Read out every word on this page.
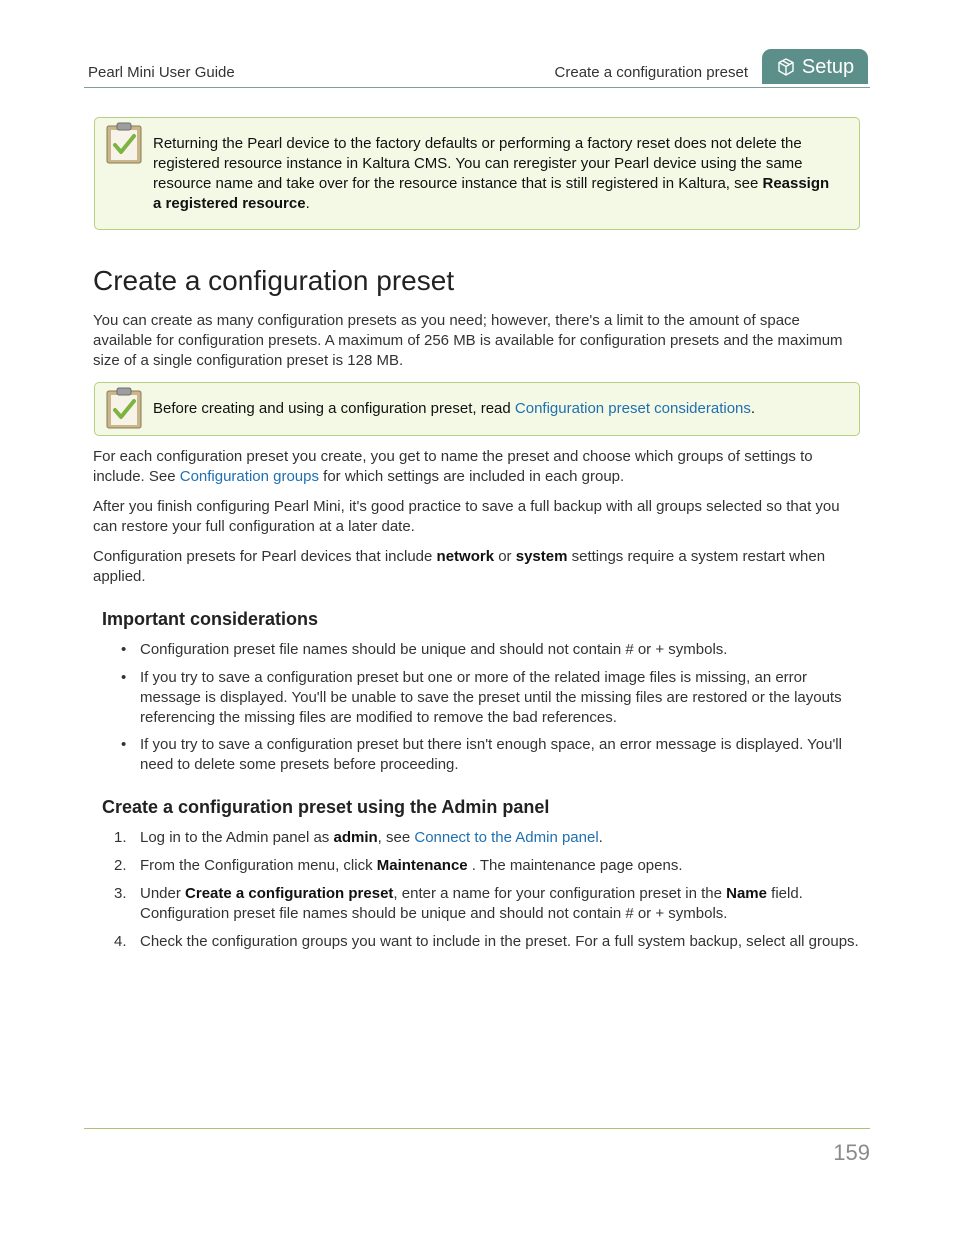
Pearl Mini User Guide	Create a configuration preset	Setup
Returning the Pearl device to the factory defaults or performing a factory reset does not delete the registered resource instance in Kaltura CMS. You can reregister your Pearl device using the same resource name and take over for the resource instance that is still registered in Kaltura, see Reassign a registered resource.
Create a configuration preset

You can create as many configuration presets as you need; however, there's a limit to the amount of space available for configuration presets. A maximum of 256 MB is available for configuration presets and the maximum size of a single configuration preset is 128 MB.

Before creating and using a configuration preset, read Configuration preset considerations.

For each configuration preset you create, you get to name the preset and choose which groups of settings to include. See Configuration groups for which settings are included in each group.

After you finish configuring Pearl Mini, it's good practice to save a full backup with all groups selected so that you can restore your full configuration at a later date.

Configuration presets for Pearl devices that include network or system settings require a system restart when applied.

Important considerations
• Configuration preset file names should be unique and should not contain # or + symbols.
• If you try to save a configuration preset but one or more of the related image files is missing, an error message is displayed. You'll be unable to save the preset until the missing files are restored or the layouts referencing the missing files are modified to remove the bad references.
• If you try to save a configuration preset but there isn't enough space, an error message is displayed. You'll need to delete some presets before proceeding.
Create a configuration preset using the Admin panel
1. Log in to the Admin panel as admin, see Connect to the Admin panel.
2. From the Configuration menu, click Maintenance . The maintenance page opens.
3. Under Create a configuration preset, enter a name for your configuration preset in the Name field. Configuration preset file names should be unique and should not contain # or + symbols.
4. Check the configuration groups you want to include in the preset. For a full system backup, select all groups.
159
